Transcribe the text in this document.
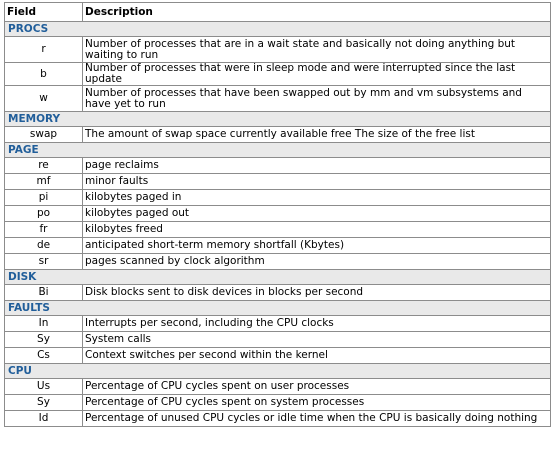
Field	Description
PROCS	
r	Number of processes that are in a wait state and basically not doing anything but waiting to run
b	Number of processes that were in sleep mode and were interrupted since the last update
w	Number of processes that have been swapped out by mm and vm subsystems and have yet to run
MEMORY	
swap	The amount of swap space currently available free The size of the free list
PAGE	
re	page reclaims
mf	minor faults
pi	kilobytes paged in
po	kilobytes paged out
fr	kilobytes freed
de	anticipated short-term memory shortfall (Kbytes)
sr	pages scanned by clock algorithm
DISK	
Bi	Disk blocks sent to disk devices in blocks per second
FAULTS	
In	Interrupts per second, including the CPU clocks
Sy	System calls
Cs	Context switches per second within the kernel
CPU	
Us	Percentage of CPU cycles spent on user processes
Sy	Percentage of CPU cycles spent on system processes
Id	Percentage of unused CPU cycles or idle time when the CPU is basically doing nothing
